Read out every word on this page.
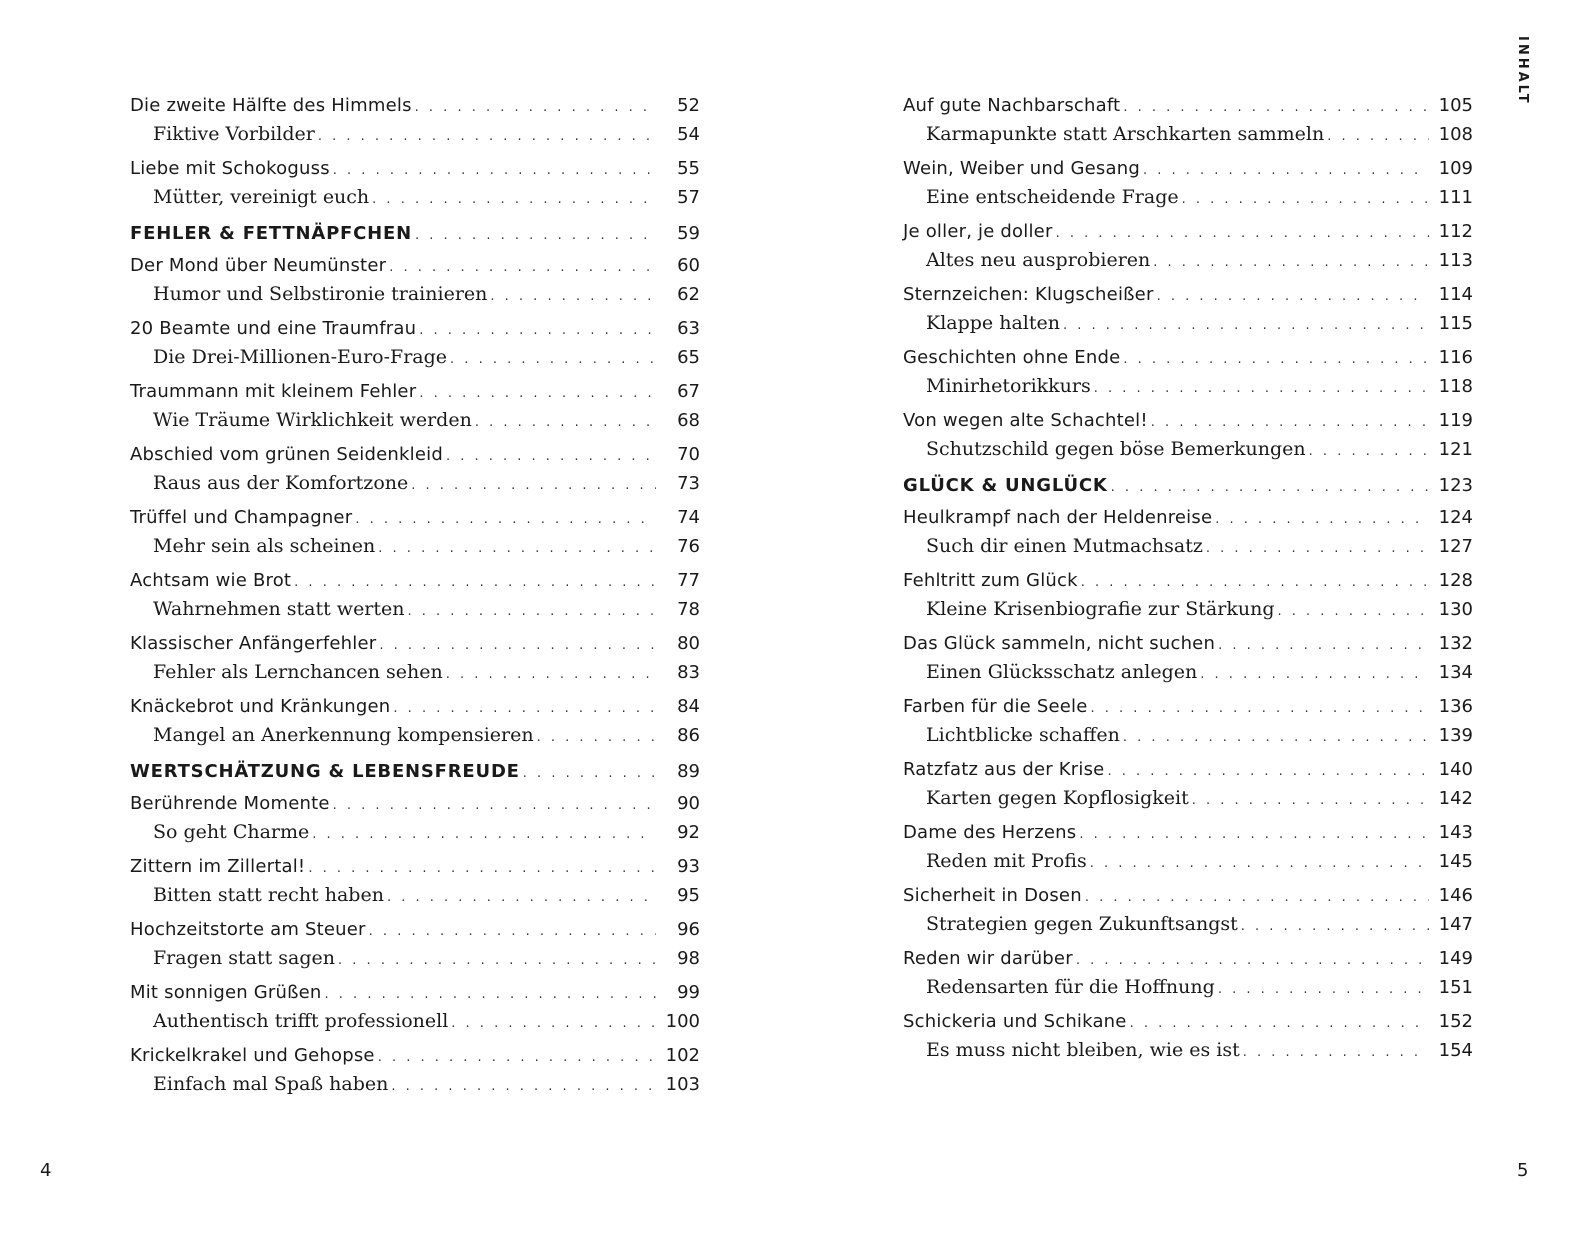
Die zweite Hälfte des Himmels . . .	52
Fiktive Vorbilder . . .	54
Liebe mit Schokoguss . . .	55
Mütter, vereinigt euch . . .	57
FEHLER & FETTNÄPFCHEN . . .	59
Der Mond über Neumünster . . .	60
Humor und Selbstironie trainieren . . .	62
20 Beamte und eine Traumfrau . . .	63
Die Drei-Millionen-Euro-Frage . . .	65
Traummann mit kleinem Fehler . . .	67
Wie Träume Wirklichkeit werden . . .	68
Abschied vom grünen Seidenkleid . . .	70
Raus aus der Komfortzone . . .	73
Trüffel und Champagner . . .	74
Mehr sein als scheinen . . .	76
Achtsam wie Brot . . .	77
Wahrnehmen statt werten . . .	78
Klassischer Anfängerfehler . . .	80
Fehler als Lernchancen sehen . . .	83
Knäckebrot und Kränkungen . . .	84
Mangel an Anerkennung kompensieren . . .	86
WERTSCHÄTZUNG & LEBENSFREUDE . . .	89
Berührende Momente . . .	90
So geht Charme . . .	92
Zittern im Zillertal! . . .	93
Bitten statt recht haben . . .	95
Hochzeitstorte am Steuer . . .	96
Fragen statt sagen . . .	98
Mit sonnigen Grüßen . . .	99
Authentisch trifft professionell . . .	100
Krickelkrakel und Gehopse . . .	102
Einfach mal Spaß haben . . .	103
Auf gute Nachbarschaft . . .	105
Karmapunkte statt Arschkarten sammeln . . .	108
Wein, Weiber und Gesang . . .	109
Eine entscheidende Frage . . .	111
Je oller, je doller . . .	112
Altes neu ausprobieren . . .	113
Sternzeichen: Klugscheißer . . .	114
Klappe halten . . .	115
Geschichten ohne Ende . . .	116
Minirhetorikkurs . . .	118
Von wegen alte Schachtel! . . .	119
Schutzschild gegen böse Bemerkungen . . .	121
GLÜCK & UNGLÜCK . . .	123
Heulkrampf nach der Heldenreise . . .	124
Such dir einen Mutmachsatz . . .	127
Fehltritt zum Glück . . .	128
Kleine Krisenbiografie zur Stärkung . . .	130
Das Glück sammeln, nicht suchen . . .	132
Einen Glücksschatz anlegen . . .	134
Farben für die Seele . . .	136
Lichtblicke schaffen . . .	139
Ratzfatz aus der Krise . . .	140
Karten gegen Kopflosigkeit . . .	142
Dame des Herzens . . .	143
Reden mit Profis . . .	145
Sicherheit in Dosen . . .	146
Strategien gegen Zukunftsangst . . .	147
Reden wir darüber . . .	149
Redensarten für die Hoffnung . . .	151
Schickeria und Schikane . . .	152
Es muss nicht bleiben, wie es ist . . .	154
INHALT
4	5
